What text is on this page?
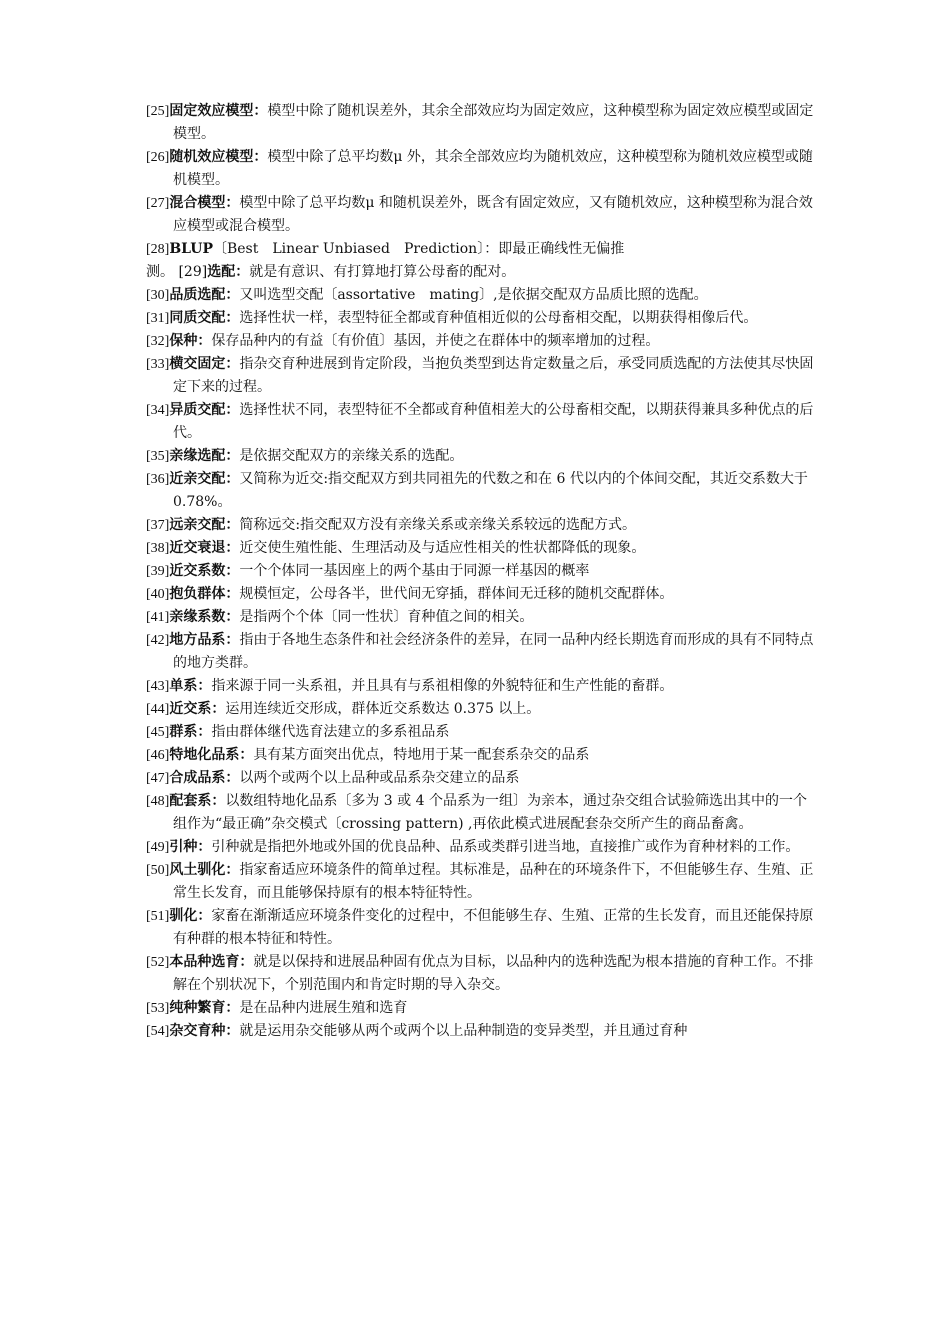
[25]固定效应模型：模型中除了随机误差外，其余全部效应均为固定效应，这种模型称为固定效应模型或固定模型。

[26]随机效应模型：模型中除了总平均数μ 外，其余全部效应均为随机效应，这种模型称为随机效应模型或随机模型。

[27]混合模型：模型中除了总平均数μ 和随机误差外，既含有固定效应，又有随机效应，这种模型称为混合效应模型或混合模型。

[28]BLUP〔Best　Linear Unbiased　Prediction〕：即最正确线性无偏推

测。 [29]选配：就是有意识、有打算地打算公母畜的配对。

[30]品质选配：又叫选型交配〔assortative　mating〕,是依据交配双方品质比照的选配。

[31]同质交配：选择性状一样，表型特征全都或育种值相近似的公母畜相交配，以期获得相像后代。

[32]保种：保存品种内的有益〔有价值〕基因，并使之在群体中的频率增加的过程。

[33]横交固定：指杂交育种进展到肯定阶段，当抱负类型到达肯定数量之后，承受同质选配的方法使其尽快固定下来的过程。

[34]异质交配：选择性状不同，表型特征不全都或育种值相差大的公母畜相交配，以期获得兼具多种优点的后代。

[35]亲缘选配：是依据交配双方的亲缘关系的选配。

[36]近亲交配：又简称为近交:指交配双方到共同祖先的代数之和在 6 代以内的个体间交配，其近交系数大于 0.78%。

[37]远亲交配：简称远交:指交配双方没有亲缘关系或亲缘关系较远的选配方式。

[38]近交衰退：近交使生殖性能、生理活动及与适应性相关的性状都降低的现象。

[39]近交系数：一个个体同一基因座上的两个基由于同源一样基因的概率

[40]抱负群体：规模恒定，公母各半，世代间无穿插，群体间无迁移的随机交配群体。

[41]亲缘系数：是指两个个体〔同一性状〕育种值之间的相关。

[42]地方品系：指由于各地生态条件和社会经济条件的差异，在同一品种内经长期选育而形成的具有不同特点的地方类群。

[43]单系：指来源于同一头系祖，并且具有与系祖相像的外貌特征和生产性能的畜群。

[44]近交系：运用连续近交形成，群体近交系数达 0.375 以上。

[45]群系：指由群体继代选育法建立的多系祖品系

[46]特地化品系：具有某方面突出优点，特地用于某一配套系杂交的品系

[47]合成品系：以两个或两个以上品种或品系杂交建立的品系

[48]配套系：以数组特地化品系〔多为 3 或 4 个品系为一组〕为亲本，通过杂交组合试验筛选出其中的一个组作为“最正确”杂交模式〔crossing pattern) ,再依此模式进展配套杂交所产生的商品畜禽。

[49]引种：引种就是指把外地或外国的优良品种、品系或类群引进当地，直接推广或作为育种材料的工作。

[50]风土驯化：指家畜适应环境条件的简单过程。其标准是，品种在的环境条件下，不但能够生存、生殖、正常生长发育，而且能够保持原有的根本特征特性。

[51]驯化：家畜在渐渐适应环境条件变化的过程中，不但能够生存、生殖、正常的生长发育，而且还能保持原有种群的根本特征和特性。

[52]本品种选育：就是以保持和进展品种固有优点为目标，以品种内的选种选配为根本措施的育种工作。不排解在个别状况下，个别范围内和肯定时期的导入杂交。

[53]纯种繁育：是在品种内进展生殖和选育

[54]杂交育种：就是运用杂交能够从两个或两个以上品种制造的变异类型，并且通过育种
